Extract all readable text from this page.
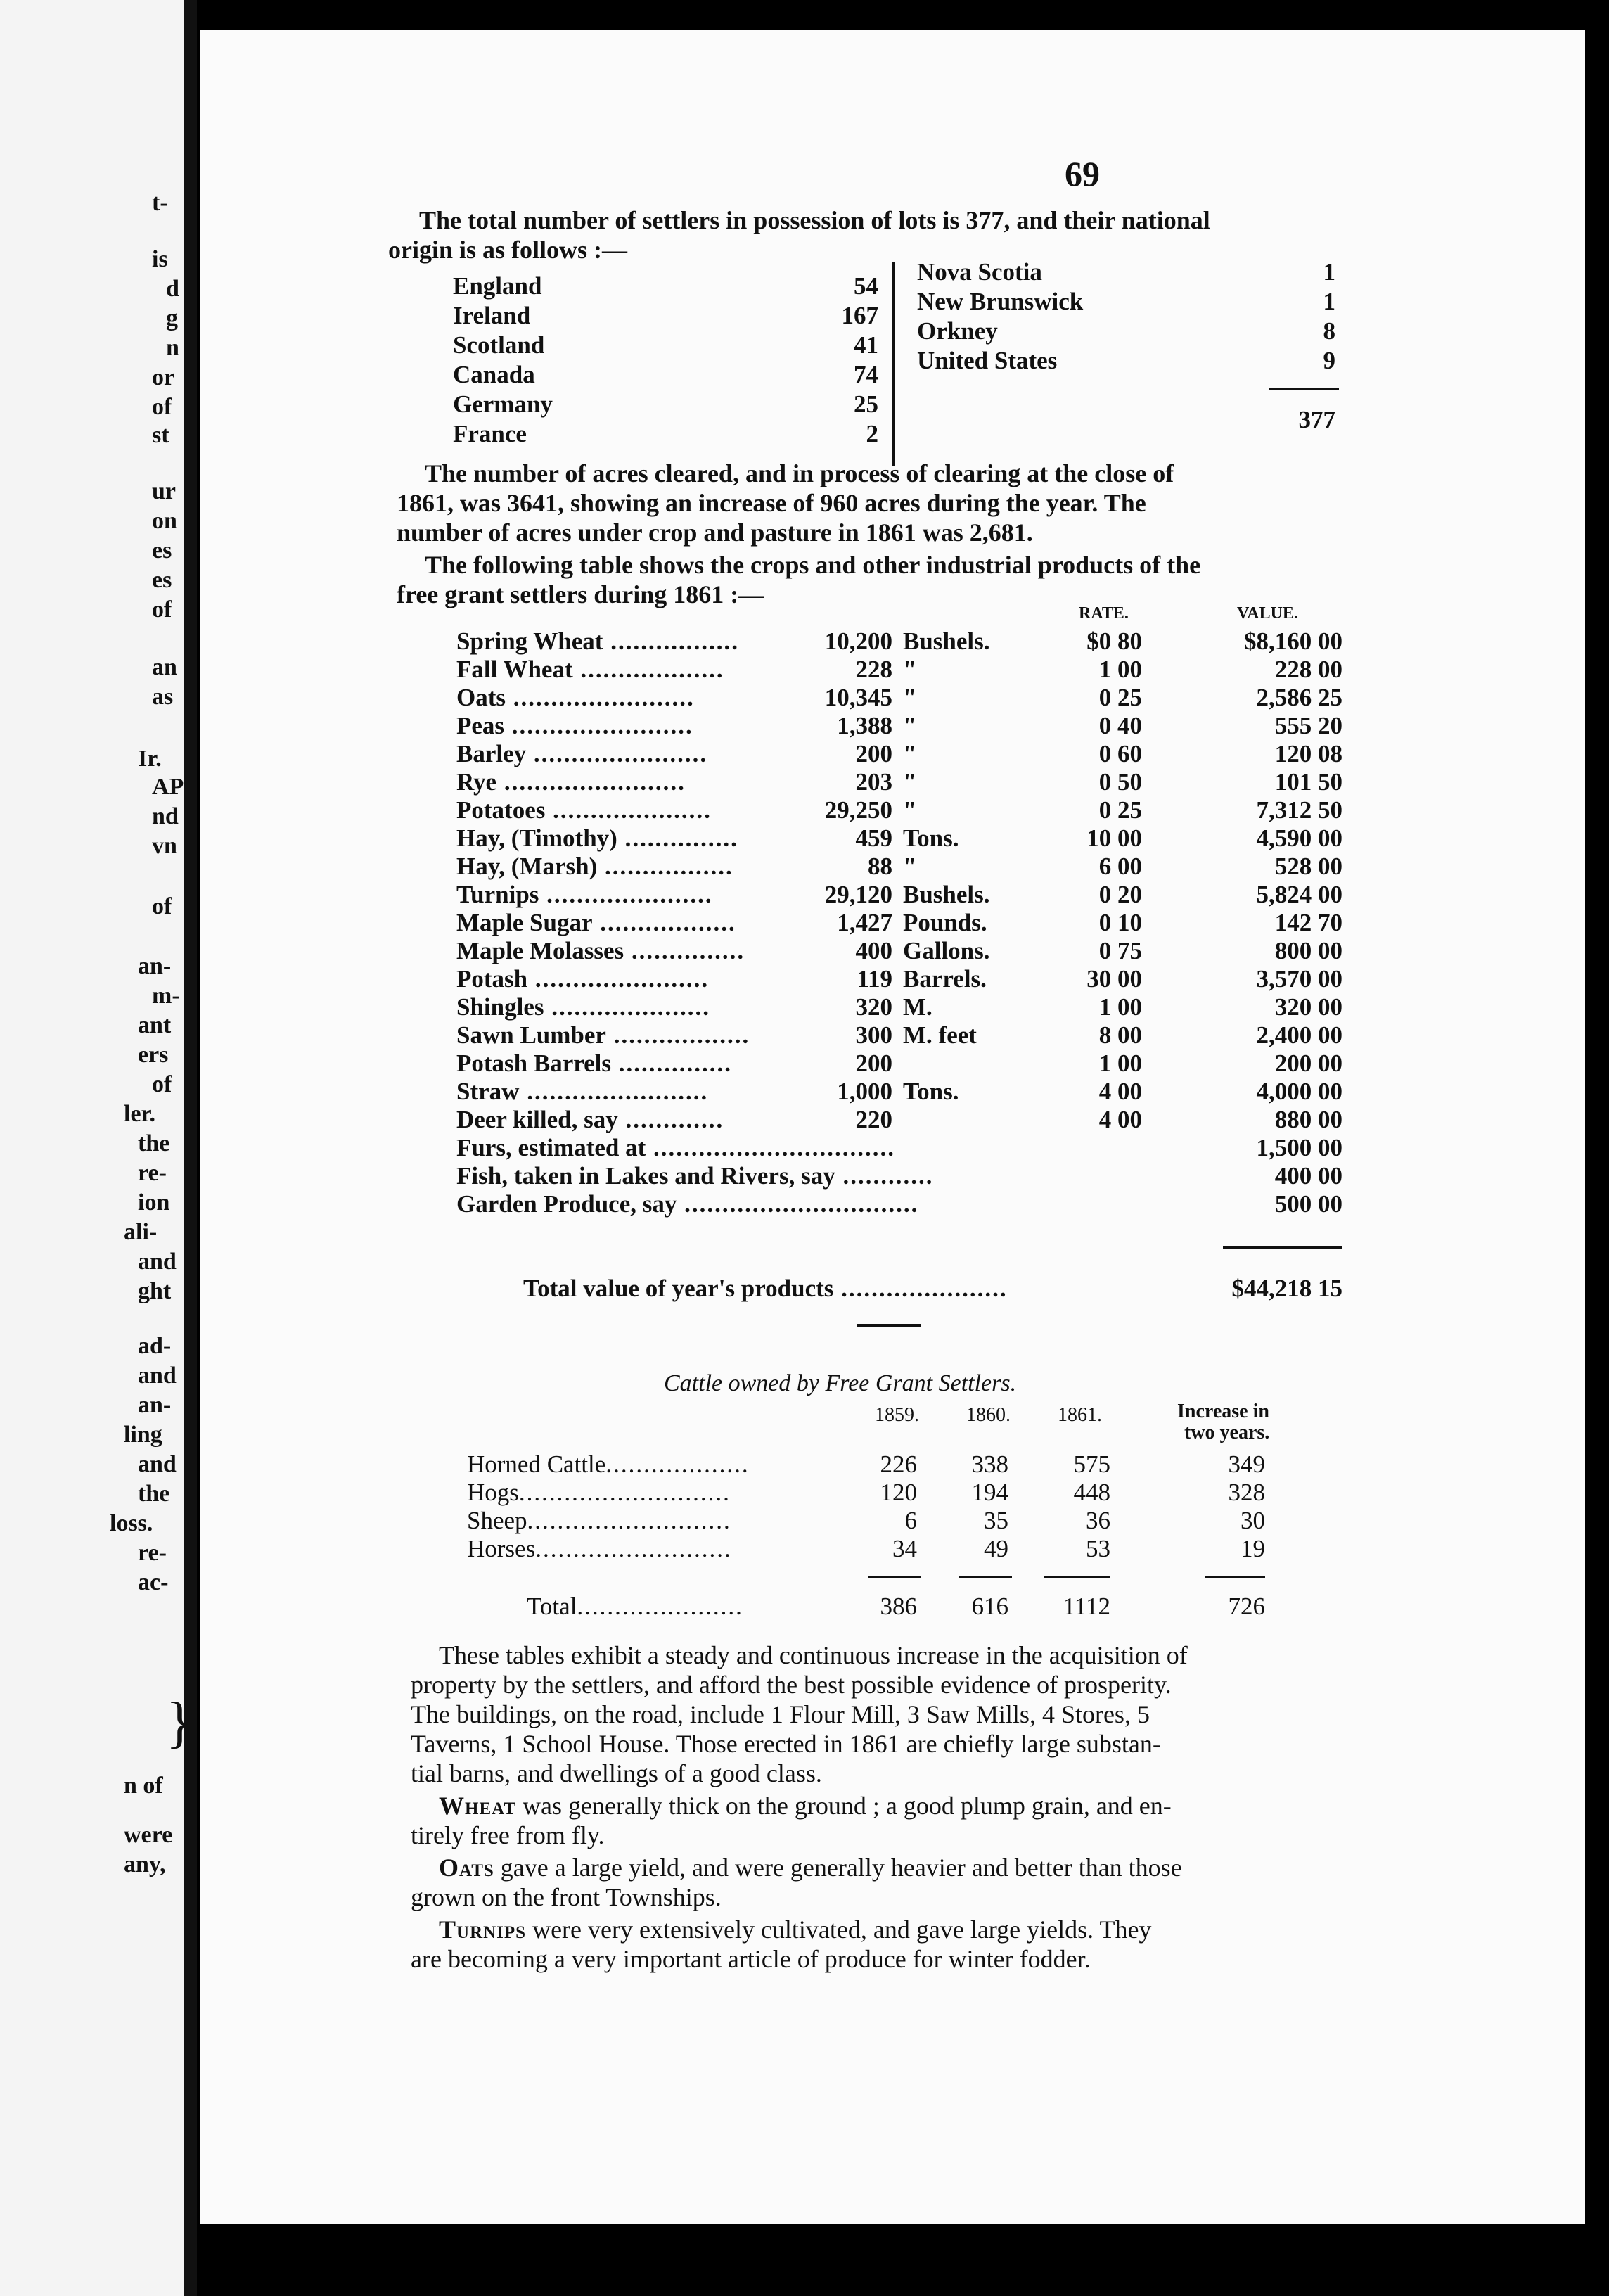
69
The total number of settlers in possession of lots is 377, and their national
origin is as follows :—
England	54
Ireland	167
Scotland	41
Canada	74
Germany	25
France	2
Nova Scotia	1
New Brunswick	1
Orkney	8
United States	9
377
The number of acres cleared, and in process of clearing at the close of
1861, was 3641, showing an increase of 960 acres during the year. The
number of acres under crop and pasture in 1861 was 2,681.
The following table shows the crops and other industrial products of the
free grant settlers during 1861 :—
RATE.	VALUE.
Spring Wheat .................	10,200 Bushels.	$0 80	$8,160 00
Fall Wheat ...................	228 "	1 00	228 00
Oats ........................	10,345 "	0 25	2,586 25
Peas ........................	1,388 "	0 40	555 20
Barley .......................	200 "	0 60	120 08
Rye ........................	203 "	0 50	101 50
Potatoes .....................	29,250 "	0 25	7,312 50
Hay, (Timothy) ...............	459 Tons.	10 00	4,590 00
Hay, (Marsh) .................	88 "	6 00	528 00
Turnips ......................	29,120 Bushels.	0 20	5,824 00
Maple Sugar ..................	1,427 Pounds.	0 10	142 70
Maple Molasses ...............	400 Gallons.	0 75	800 00
Potash .......................	119 Barrels.	30 00	3,570 00
Shingles .....................	320 M.	1 00	320 00
Sawn Lumber ..................	300 M. feet	8 00	2,400 00
Potash Barrels ...............	200	1 00	200 00
Straw ........................	1,000 Tons.	4 00	4,000 00
Deer killed, say .............	220	4 00	880 00
Furs, estimated at ................................	1,500 00
Fish, taken in Lakes and Rivers, say ............	400 00
Garden Produce, say ...............................	500 00
Total value of year's products ......................	$44,218 15
Cattle owned by Free Grant Settlers.
1859. 1860. 1861.	Increase in
two years.
Horned Cattle...................	226	338	575	349
Hogs............................	120	194	448	328
Sheep...........................	6	35	36	30
Horses..........................	34	49	53	19
Total......................	386	616	1112	726
These tables exhibit a steady and continuous increase in the acquisition of
property by the settlers, and afford the best possible evidence of prosperity.
The buildings, on the road, include 1 Flour Mill, 3 Saw Mills, 4 Stores, 5
Taverns, 1 School House. Those erected in 1861 are chiefly large substan-
tial barns, and dwellings of a good class.
Wheat was generally thick on the ground ; a good plump grain, and en-
tirely free from fly.
Oats gave a large yield, and were generally heavier and better than those
grown on the front Townships.
Turnips were very extensively cultivated, and gave large yields. They
are becoming a very important article of produce for winter fodder.
t-
is
d
g
n
or
of
st
ur
on
es
es
of
an
as
Ir.
AP
nd
vn
of
an-
m-
ant
ers
of
ler.
the
re-
ion
ali-
and
ght
ad-
and
an-
ling
and
the
loss.
re-
ac-
}
n of
were
any,
